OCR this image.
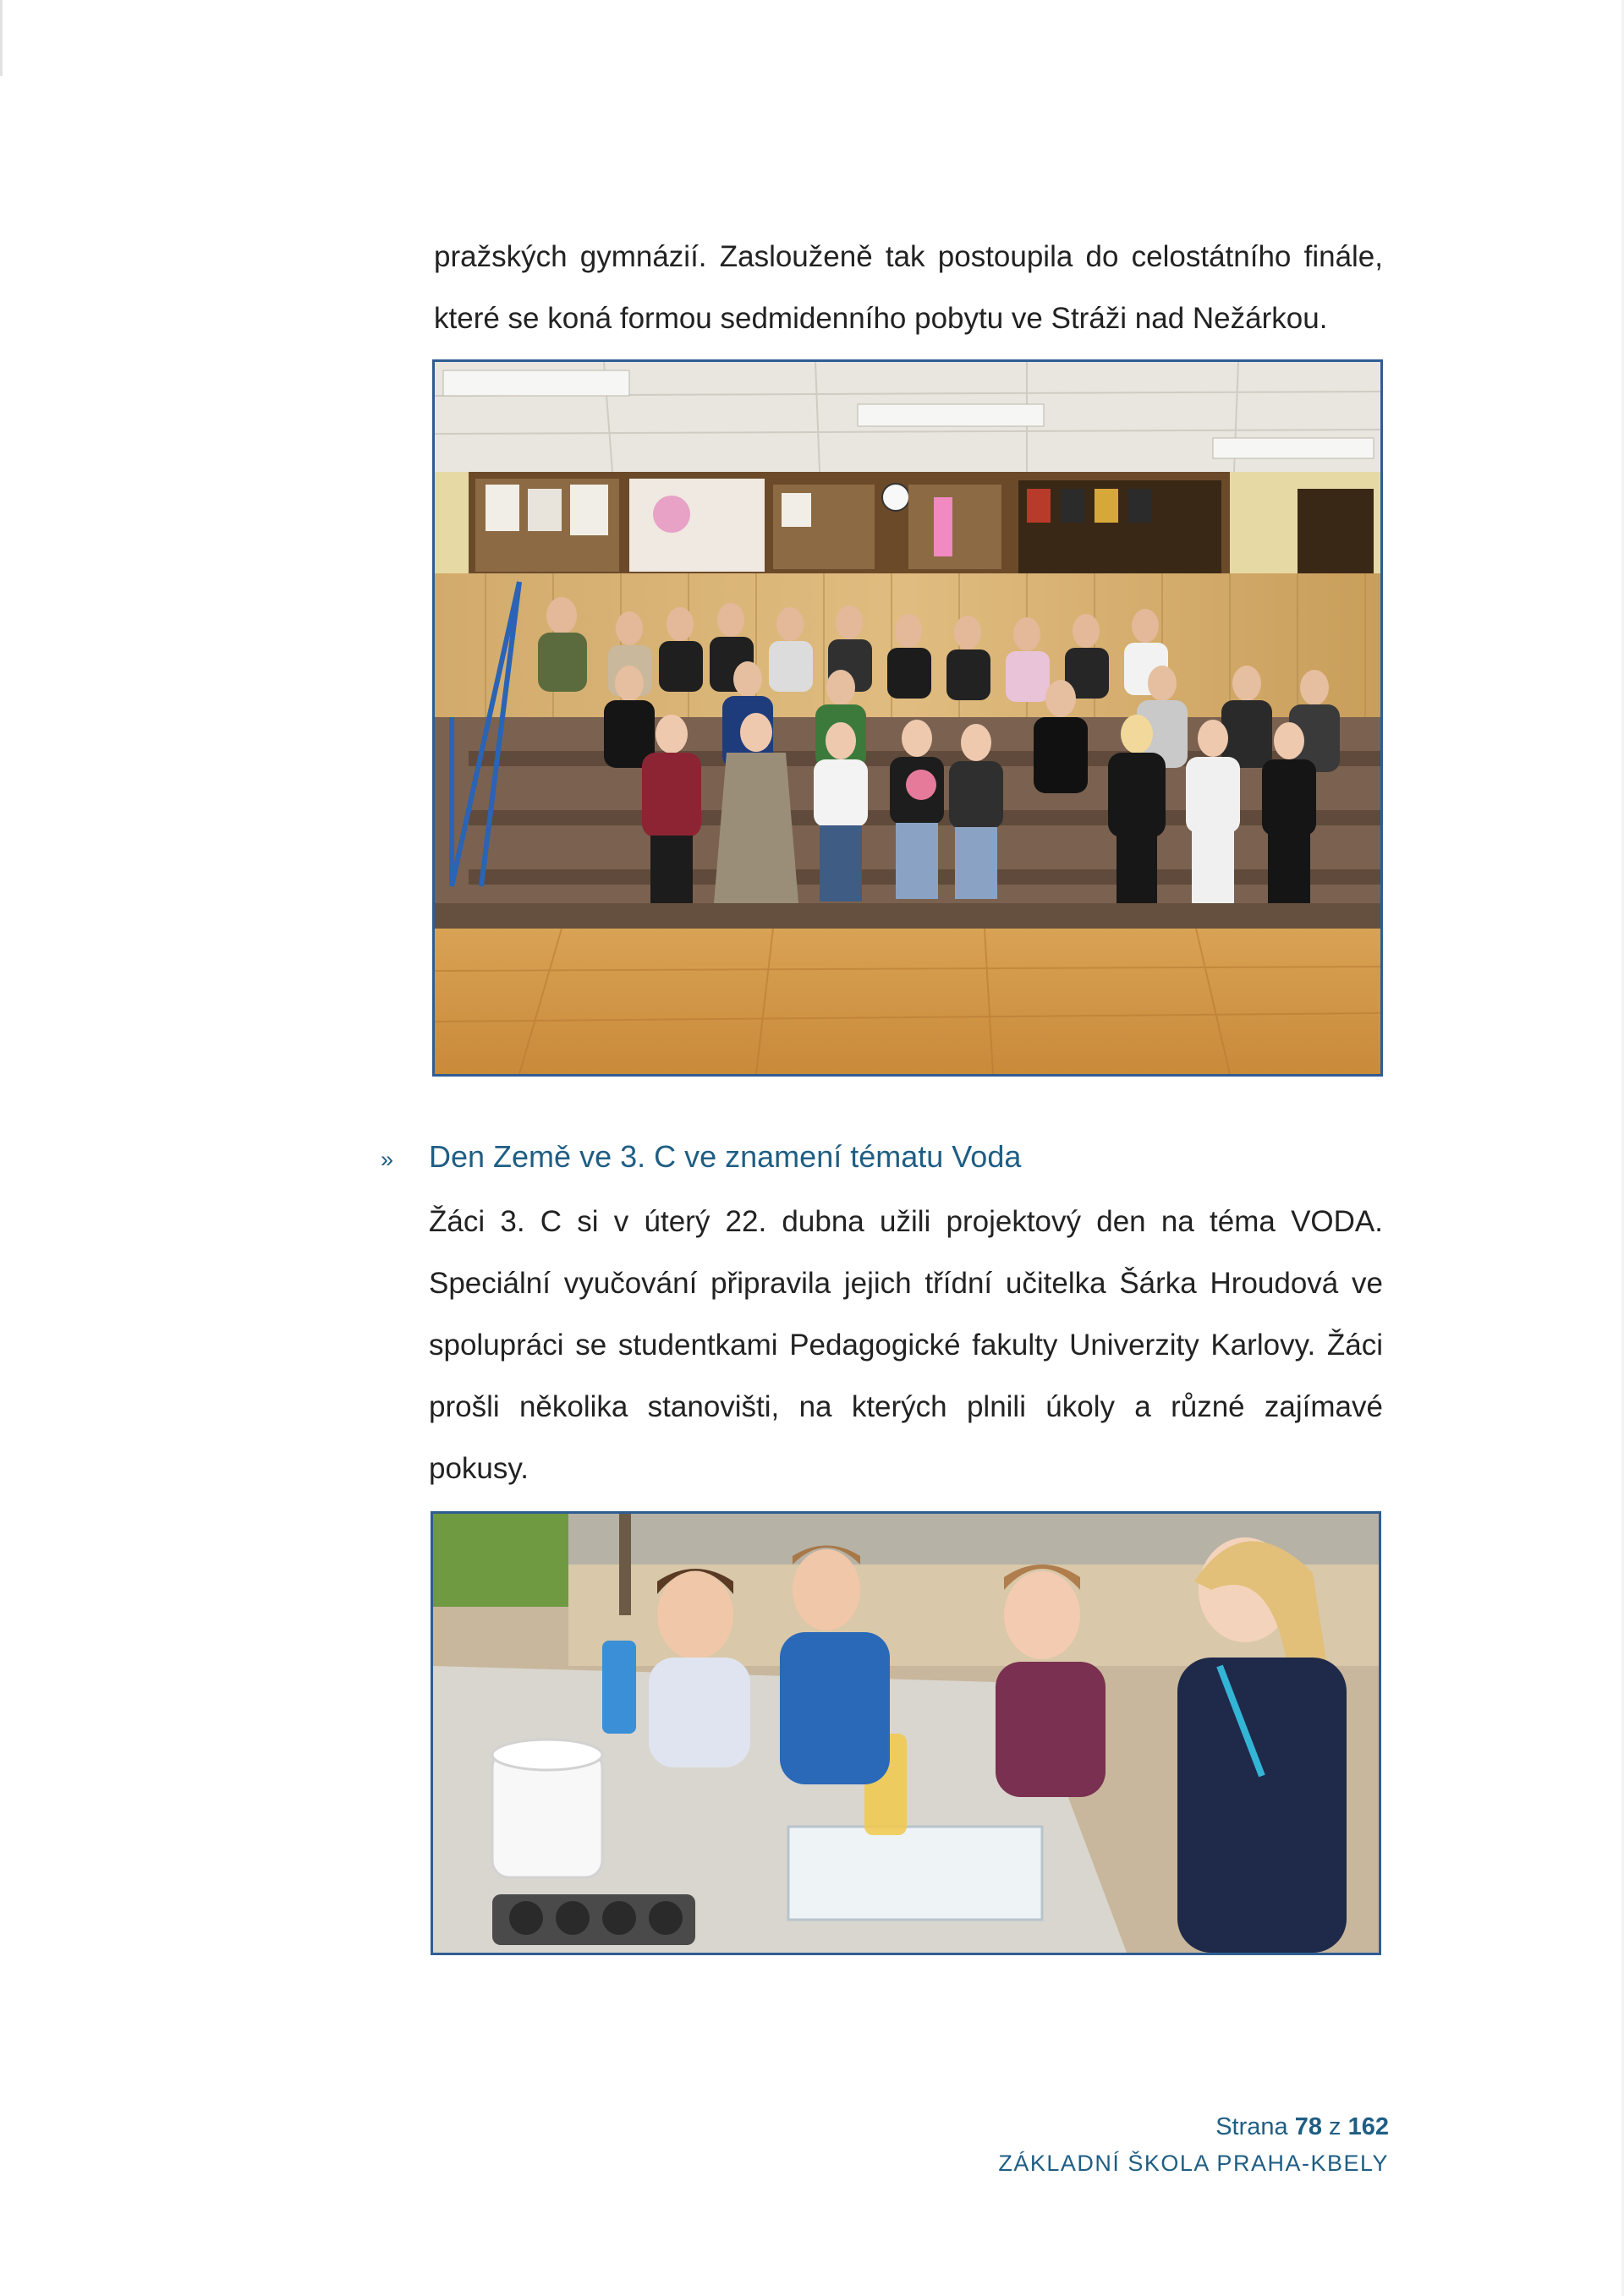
pražských gymnázií. Zaslouženě tak postoupila do celostátního finále, které se koná formou sedmidenního pobytu ve Stráži nad Nežárkou.

» Den Země ve 3. C ve znamení tématu Voda

Žáci 3. C si v úterý 22. dubna užili projektový den na téma VODA. Speciální vyučování připravila jejich třídní učitelka Šárka Hroudová ve spolupráci se studentkami Pedagogické fakulty Univerzity Karlovy. Žáci prošli několika stanovišti, na kterých plnili úkoly a různé zajímavé pokusy.

Strana 78 z 162
ZÁKLADNÍ ŠKOLA PRAHA-KBELY
